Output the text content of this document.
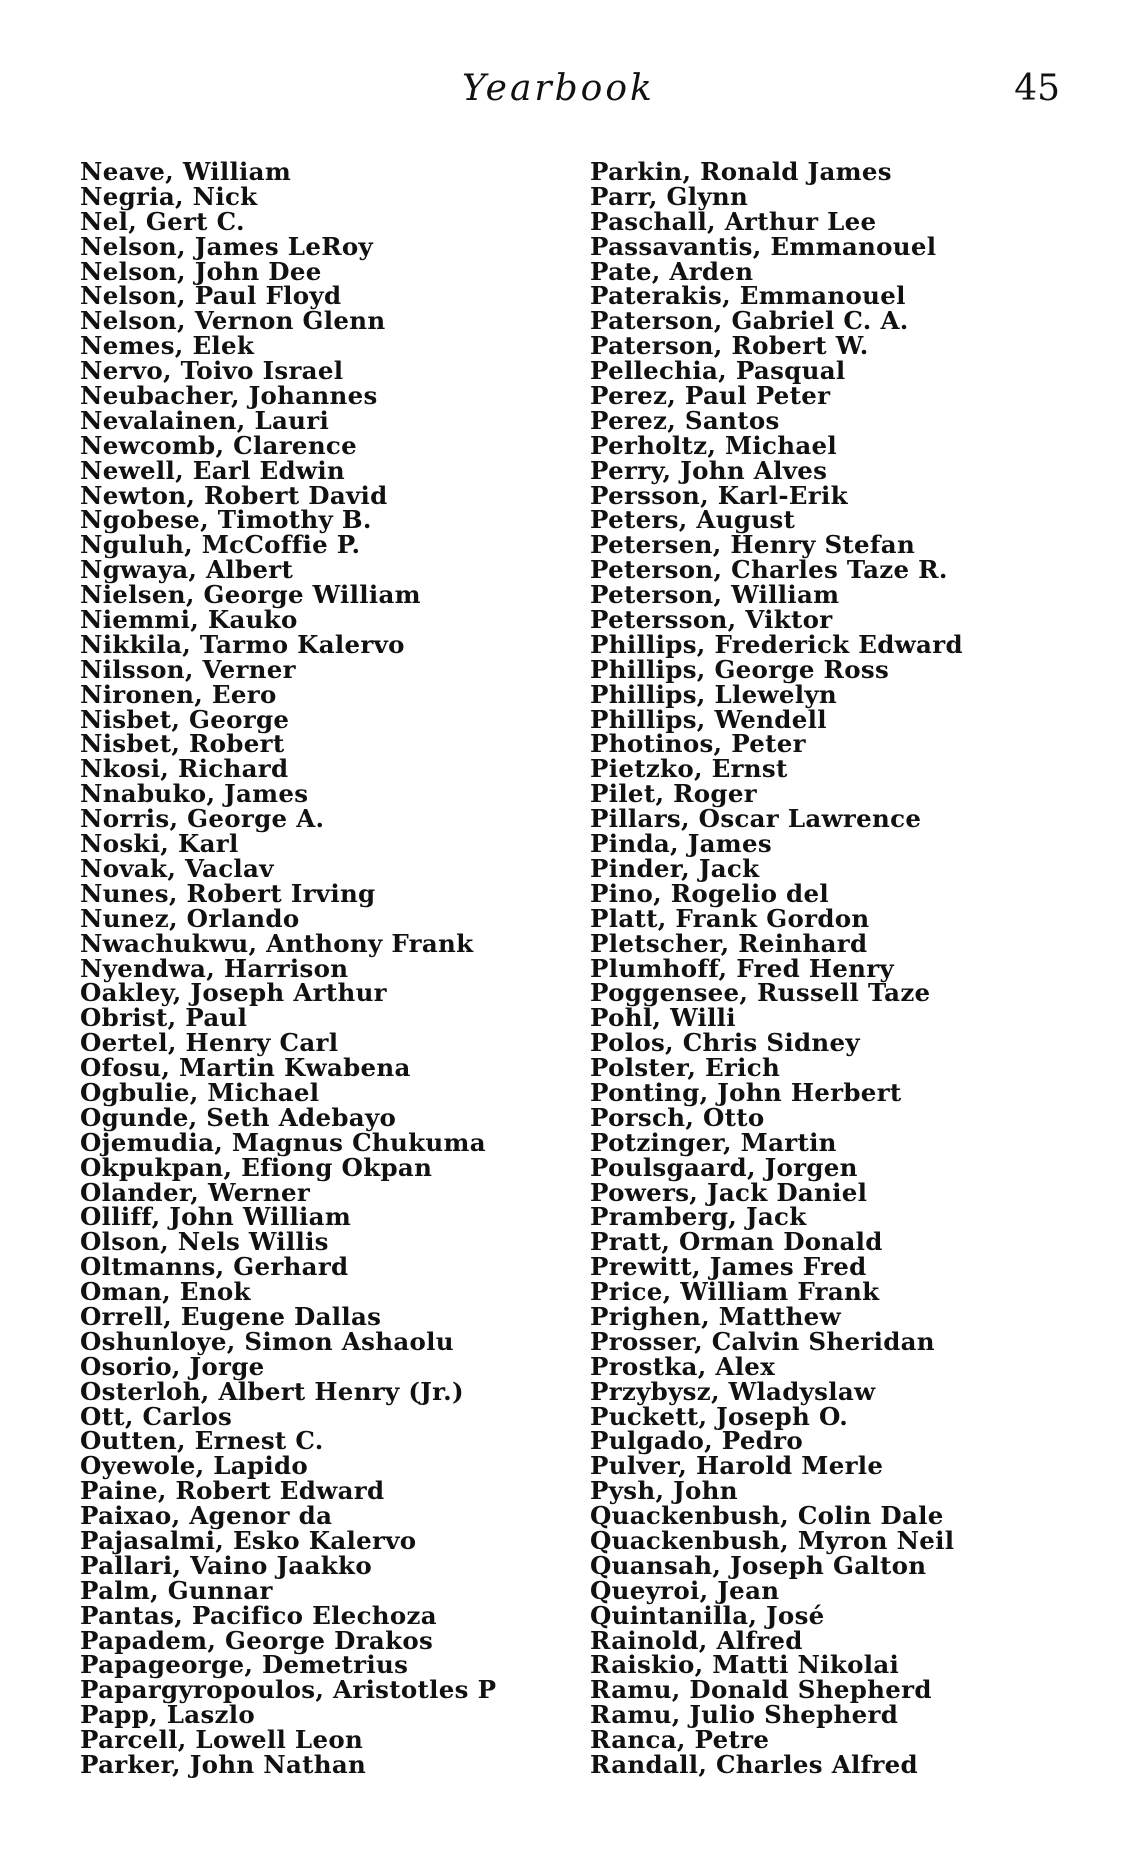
Yearbook	45
Neave, William
Negria, Nick
Nel, Gert C.
Nelson, James LeRoy
Nelson, John Dee
Nelson, Paul Floyd
Nelson, Vernon Glenn
Nemes, Elek
Nervo, Toivo Israel
Neubacher, Johannes
Nevalainen, Lauri
Newcomb, Clarence
Newell, Earl Edwin
Newton, Robert David
Ngobese, Timothy B.
Nguluh, McCoffie P.
Ngwaya, Albert
Nielsen, George William
Niemmi, Kauko
Nikkila, Tarmo Kalervo
Nilsson, Verner
Nironen, Eero
Nisbet, George
Nisbet, Robert
Nkosi, Richard
Nnabuko, James
Norris, George A.
Noski, Karl
Novak, Vaclav
Nunes, Robert Irving
Nunez, Orlando
Nwachukwu, Anthony Frank
Nyendwa, Harrison
Oakley, Joseph Arthur
Obrist, Paul
Oertel, Henry Carl
Ofosu, Martin Kwabena
Ogbulie, Michael
Ogunde, Seth Adebayo
Ojemudia, Magnus Chukuma
Okpukpan, Efiong Okpan
Olander, Werner
Olliff, John William
Olson, Nels Willis
Oltmanns, Gerhard
Oman, Enok
Orrell, Eugene Dallas
Oshunloye, Simon Ashaolu
Osorio, Jorge
Osterloh, Albert Henry (Jr.)
Ott, Carlos
Outten, Ernest C.
Oyewole, Lapido
Paine, Robert Edward
Paixao, Agenor da
Pajasalmi, Esko Kalervo
Pallari, Vaino Jaakko
Palm, Gunnar
Pantas, Pacifico Elechoza
Papadem, George Drakos
Papageorge, Demetrius
Papargyropoulos, Aristotles P
Papp, Laszlo
Parcell, Lowell Leon
Parker, John Nathan
Parkin, Ronald James
Parr, Glynn
Paschall, Arthur Lee
Passavantis, Emmanouel
Pate, Arden
Paterakis, Emmanouel
Paterson, Gabriel C. A.
Paterson, Robert W.
Pellechia, Pasqual
Perez, Paul Peter
Perez, Santos
Perholtz, Michael
Perry, John Alves
Persson, Karl-Erik
Peters, August
Petersen, Henry Stefan
Peterson, Charles Taze R.
Peterson, William
Petersson, Viktor
Phillips, Frederick Edward
Phillips, George Ross
Phillips, Llewelyn
Phillips, Wendell
Photinos, Peter
Pietzko, Ernst
Pilet, Roger
Pillars, Oscar Lawrence
Pinda, James
Pinder, Jack
Pino, Rogelio del
Platt, Frank Gordon
Pletscher, Reinhard
Plumhoff, Fred Henry
Poggensee, Russell Taze
Pohl, Willi
Polos, Chris Sidney
Polster, Erich
Ponting, John Herbert
Porsch, Otto
Potzinger, Martin
Poulsgaard, Jorgen
Powers, Jack Daniel
Pramberg, Jack
Pratt, Orman Donald
Prewitt, James Fred
Price, William Frank
Prighen, Matthew
Prosser, Calvin Sheridan
Prostka, Alex
Przybysz, Wladyslaw
Puckett, Joseph O.
Pulgado, Pedro
Pulver, Harold Merle
Pysh, John
Quackenbush, Colin Dale
Quackenbush, Myron Neil
Quansah, Joseph Galton
Queyroi, Jean
Quintanilla, José
Rainold, Alfred
Raiskio, Matti Nikolai
Ramu, Donald Shepherd
Ramu, Julio Shepherd
Ranca, Petre
Randall, Charles Alfred
